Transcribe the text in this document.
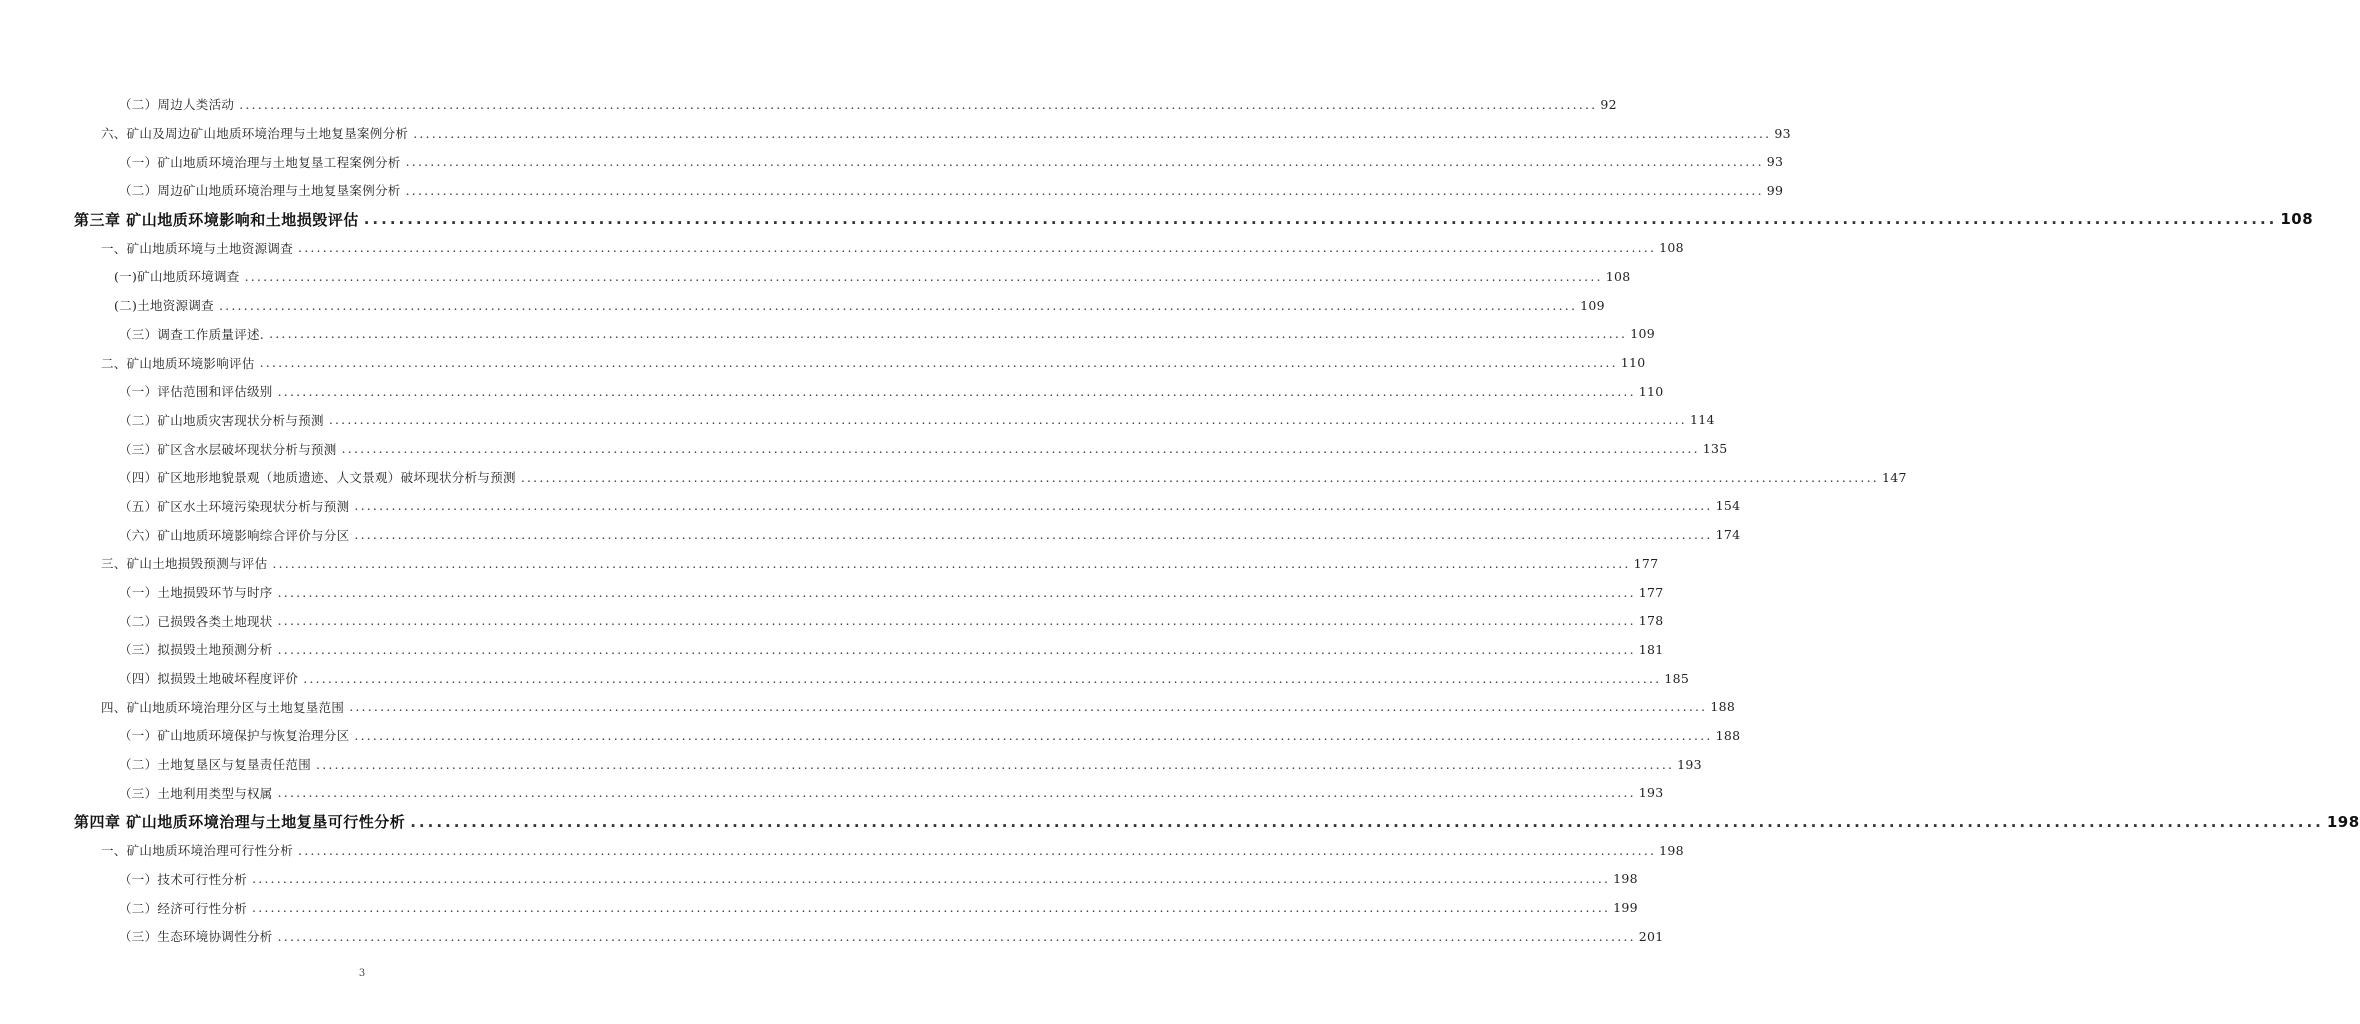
（二）周边人类活动 ............................................................................................................................................................................................................................ 92
六、矿山及周边矿山地质环境治理与土地复垦案例分析 ............................................................................................................................................................................................................................ 93
（一）矿山地质环境治理与土地复垦工程案例分析 ............................................................................................................................................................................................................................ 93
（二）周边矿山地质环境治理与土地复垦案例分析 ............................................................................................................................................................................................................................ 99
第三章 矿山地质环境影响和土地损毁评估 ............................................................................................................................................................................................................................ 108
一、矿山地质环境与土地资源调查 ............................................................................................................................................................................................................................ 108
(一)矿山地质环境调查 ............................................................................................................................................................................................................................ 108
(二)土地资源调查 ............................................................................................................................................................................................................................ 109
（三）调查工作质量评述. ............................................................................................................................................................................................................................ 109
二、矿山地质环境影响评估 ............................................................................................................................................................................................................................ 110
（一）评估范围和评估级别 ............................................................................................................................................................................................................................ 110
（二）矿山地质灾害现状分析与预测 ............................................................................................................................................................................................................................ 114
（三）矿区含水层破坏现状分析与预测 ............................................................................................................................................................................................................................ 135
（四）矿区地形地貌景观（地质遗迹、人文景观）破坏现状分析与预测 ............................................................................................................................................................................................................................ 147
（五）矿区水土环境污染现状分析与预测 ............................................................................................................................................................................................................................ 154
（六）矿山地质环境影响综合评价与分区 ............................................................................................................................................................................................................................ 174
三、矿山土地损毁预测与评估 ............................................................................................................................................................................................................................ 177
（一）土地损毁环节与时序 ............................................................................................................................................................................................................................ 177
（二）已损毁各类土地现状 ............................................................................................................................................................................................................................ 178
（三）拟损毁土地预测分析 ............................................................................................................................................................................................................................ 181
（四）拟损毁土地破坏程度评价 ............................................................................................................................................................................................................................ 185
四、矿山地质环境治理分区与土地复垦范围 ............................................................................................................................................................................................................................ 188
（一）矿山地质环境保护与恢复治理分区 ............................................................................................................................................................................................................................ 188
（二）土地复垦区与复垦责任范围 ............................................................................................................................................................................................................................ 193
（三）土地利用类型与权属 ............................................................................................................................................................................................................................ 193
第四章 矿山地质环境治理与土地复垦可行性分析 ............................................................................................................................................................................................................................ 198
一、矿山地质环境治理可行性分析 ............................................................................................................................................................................................................................ 198
（一）技术可行性分析 ............................................................................................................................................................................................................................ 198
（二）经济可行性分析 ............................................................................................................................................................................................................................ 199
（三）生态环境协调性分析 ............................................................................................................................................................................................................................ 201
3
